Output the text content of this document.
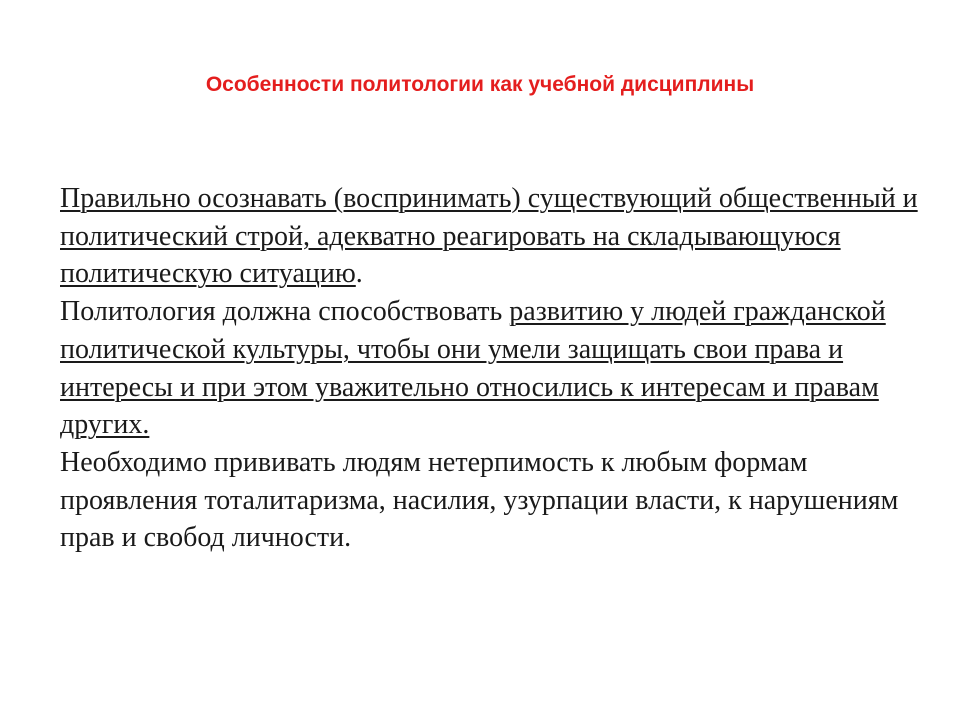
Особенности политологии как учебной дисциплины

Правильно осознавать (воспринимать) существующий общественный и политический строй, адекватно реагировать на складывающуюся политическую ситуацию.

Политология должна способствовать развитию у людей гражданской политической культуры, чтобы они умели защищать свои права и интересы и при этом уважительно относились к интересам и правам других.

Необходимо прививать людям нетерпимость к любым формам проявления тоталитаризма, насилия, узурпации власти, к нарушениям прав и свобод личности.
